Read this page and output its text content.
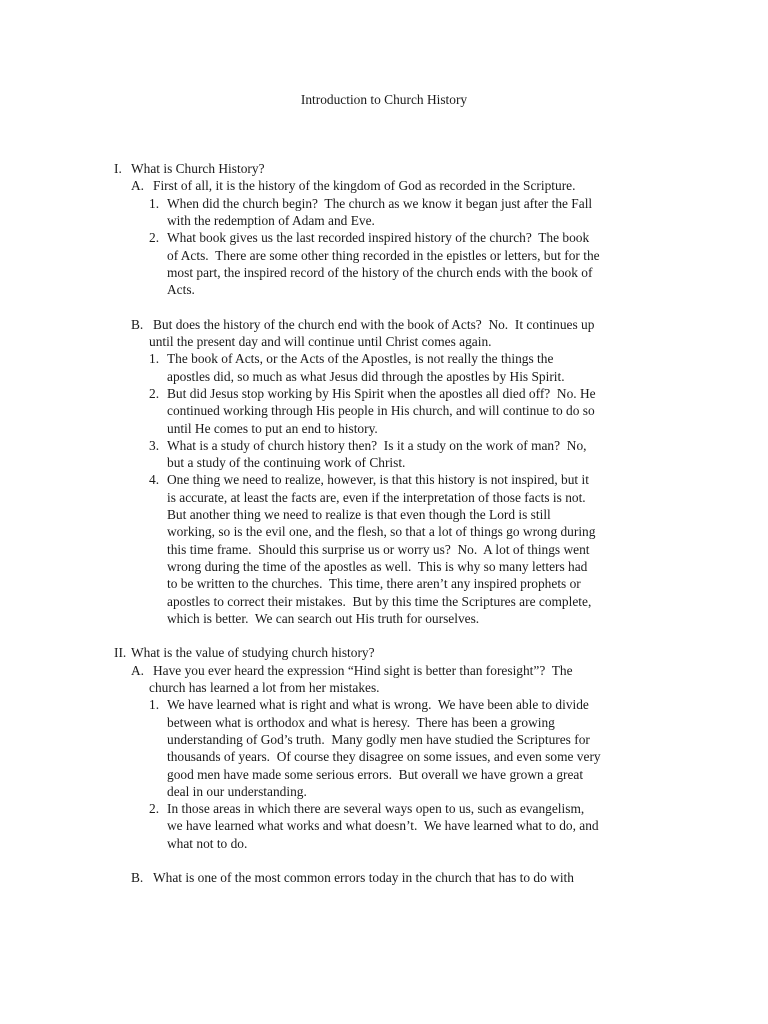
Introduction to Church History
I. What is Church History?
A. First of all, it is the history of the kingdom of God as recorded in the Scripture.
1. When did the church begin?  The church as we know it began just after the Fall
with the redemption of Adam and Eve.
2. What book gives us the last recorded inspired history of the church?  The book
of Acts.  There are some other thing recorded in the epistles or letters, but for the
most part, the inspired record of the history of the church ends with the book of
Acts.
B. But does the history of the church end with the book of Acts?  No.  It continues up
until the present day and will continue until Christ comes again.
1. The book of Acts, or the Acts of the Apostles, is not really the things the
apostles did, so much as what Jesus did through the apostles by His Spirit.
2. But did Jesus stop working by His Spirit when the apostles all died off?  No. He
continued working through His people in His church, and will continue to do so
until He comes to put an end to history.
3. What is a study of church history then?  Is it a study on the work of man?  No,
but a study of the continuing work of Christ.
4. One thing we need to realize, however, is that this history is not inspired, but it
is accurate, at least the facts are, even if the interpretation of those facts is not.
But another thing we need to realize is that even though the Lord is still
working, so is the evil one, and the flesh, so that a lot of things go wrong during
this time frame.  Should this surprise us or worry us?  No.  A lot of things went
wrong during the time of the apostles as well.  This is why so many letters had
to be written to the churches.  This time, there aren’t any inspired prophets or
apostles to correct their mistakes.  But by this time the Scriptures are complete,
which is better.  We can search out His truth for ourselves.
II. What is the value of studying church history?
A. Have you ever heard the expression “Hind sight is better than foresight”?  The
church has learned a lot from her mistakes.
1. We have learned what is right and what is wrong.  We have been able to divide
between what is orthodox and what is heresy.  There has been a growing
understanding of God’s truth.  Many godly men have studied the Scriptures for
thousands of years.  Of course they disagree on some issues, and even some very
good men have made some serious errors.  But overall we have grown a great
deal in our understanding.
2. In those areas in which there are several ways open to us, such as evangelism,
we have learned what works and what doesn’t.  We have learned what to do, and
what not to do.
B. What is one of the most common errors today in the church that has to do with
